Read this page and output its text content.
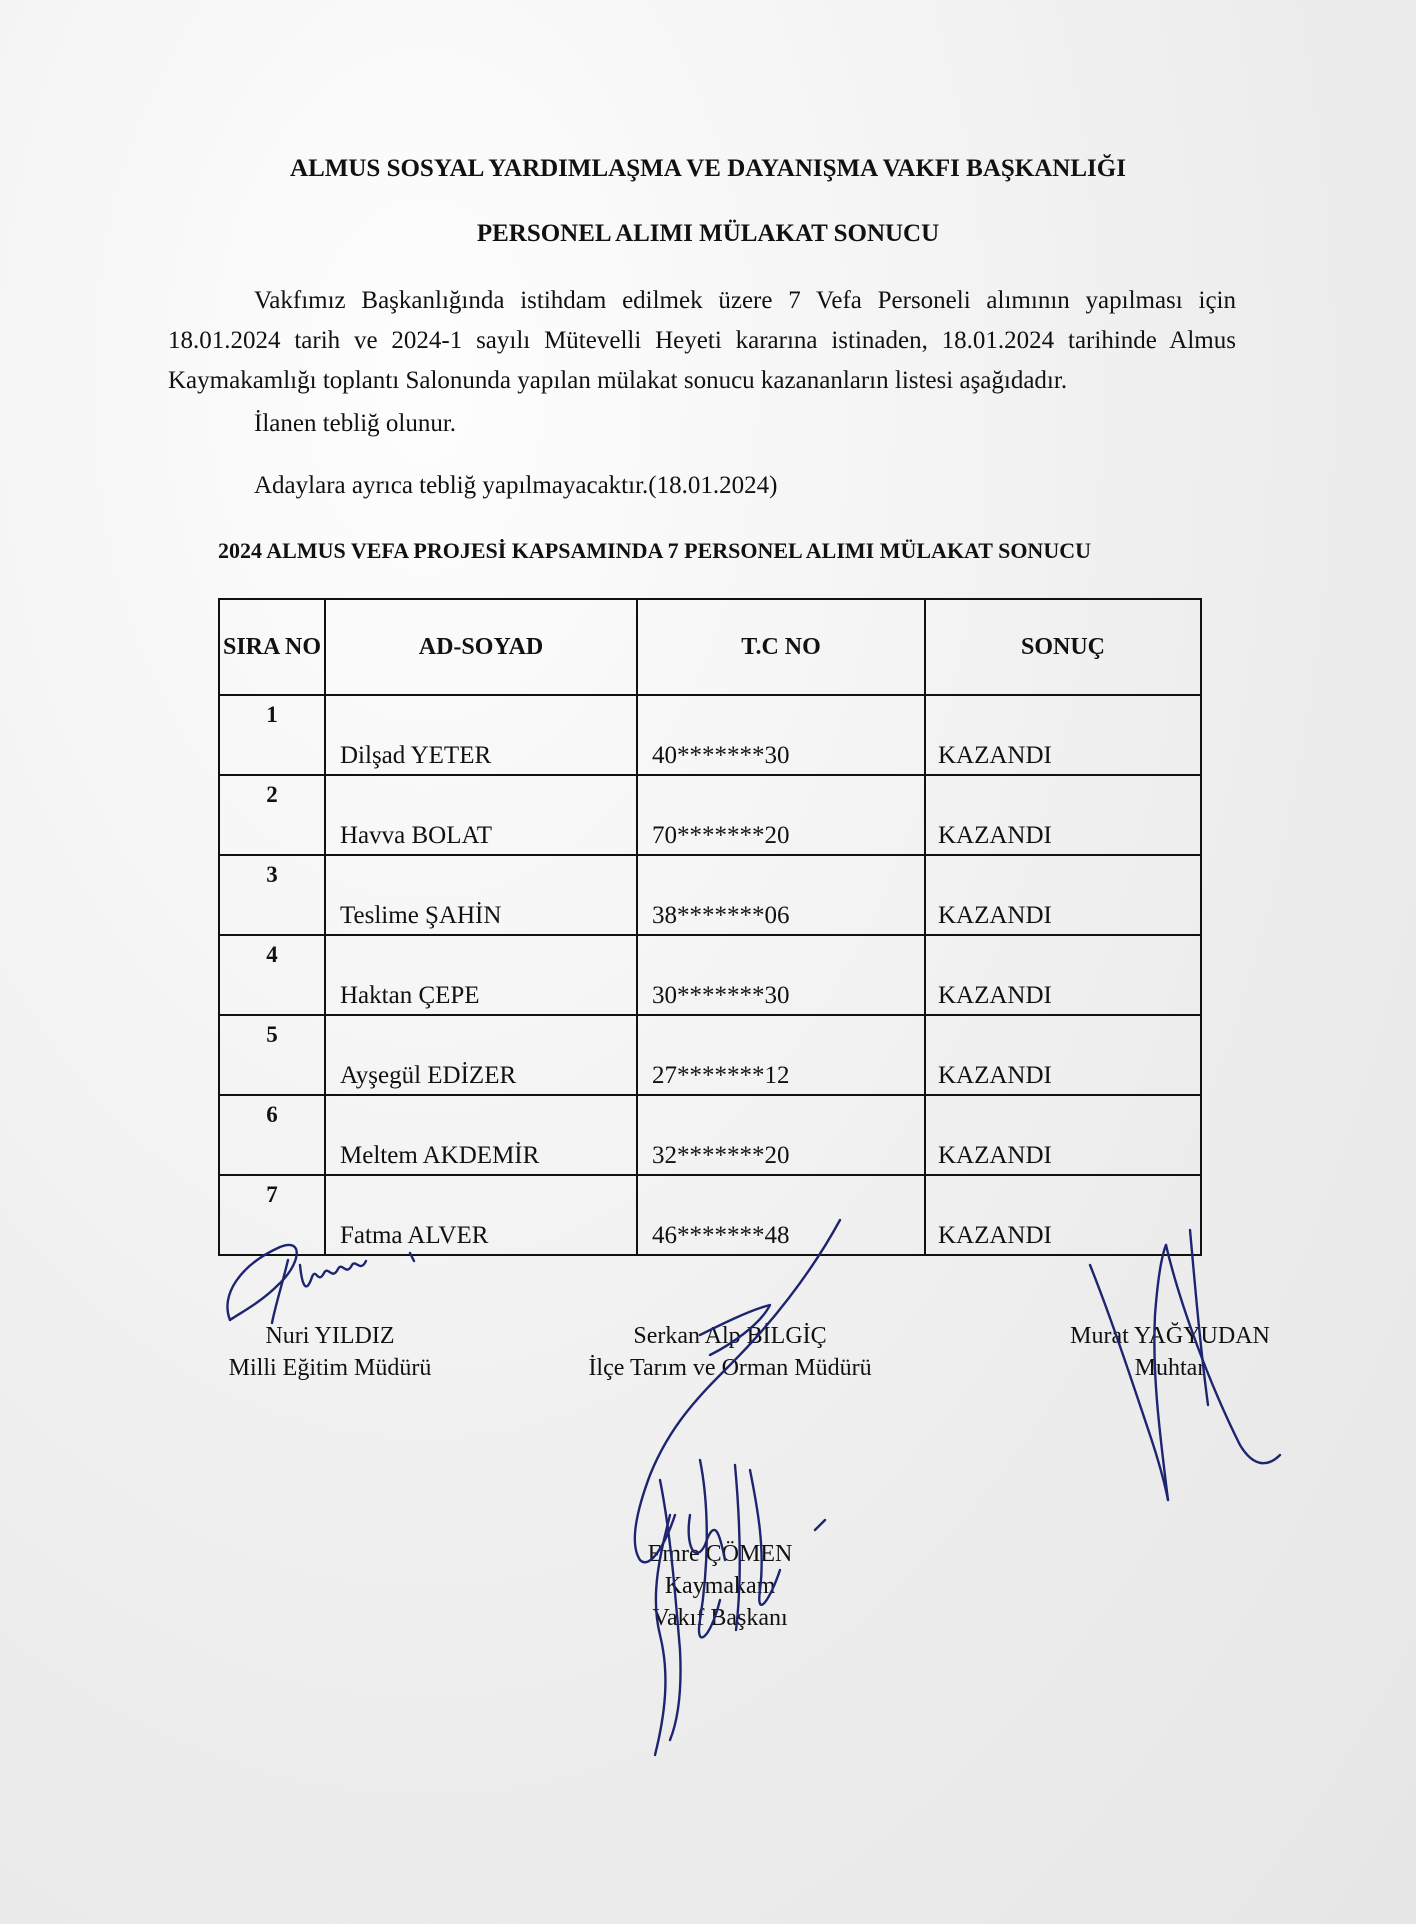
ALMUS SOSYAL YARDIMLAŞMA VE DAYANIŞMA VAKFI BAŞKANLIĞI
PERSONEL ALIMI MÜLAKAT SONUCU
Vakfımız Başkanlığında istihdam edilmek üzere 7 Vefa Personeli alımının yapılması için 18.01.2024 tarih ve 2024-1 sayılı Mütevelli Heyeti kararına istinaden, 18.01.2024 tarihinde Almus Kaymakamlığı toplantı Salonunda yapılan mülakat sonucu kazananların listesi aşağıdadır.
İlanen tebliğ olunur.
Adaylara ayrıca tebliğ yapılmayacaktır.(18.01.2024)
2024 ALMUS VEFA PROJESİ KAPSAMINDA 7 PERSONEL ALIMI MÜLAKAT SONUCU
SIRA NO	AD-SOYAD	T.C NO	SONUÇ
1	Dilşad YETER	40*******30	KAZANDI
2	Havva BOLAT	70*******20	KAZANDI
3	Teslime ŞAHİN	38*******06	KAZANDI
4	Haktan ÇEPE	30*******30	KAZANDI
5	Ayşegül EDİZER	27*******12	KAZANDI
6	Meltem AKDEMİR	32*******20	KAZANDI
7	Fatma ALVER	46*******48	KAZANDI
Nuri YILDIZ
Milli Eğitim Müdürü
Serkan Alp BİLGİÇ
İlçe Tarım ve Orman Müdürü
Murat YAĞYUDAN
Muhtar
Emre ÇÖMEN
Kaymakam
Vakıf Başkanı
